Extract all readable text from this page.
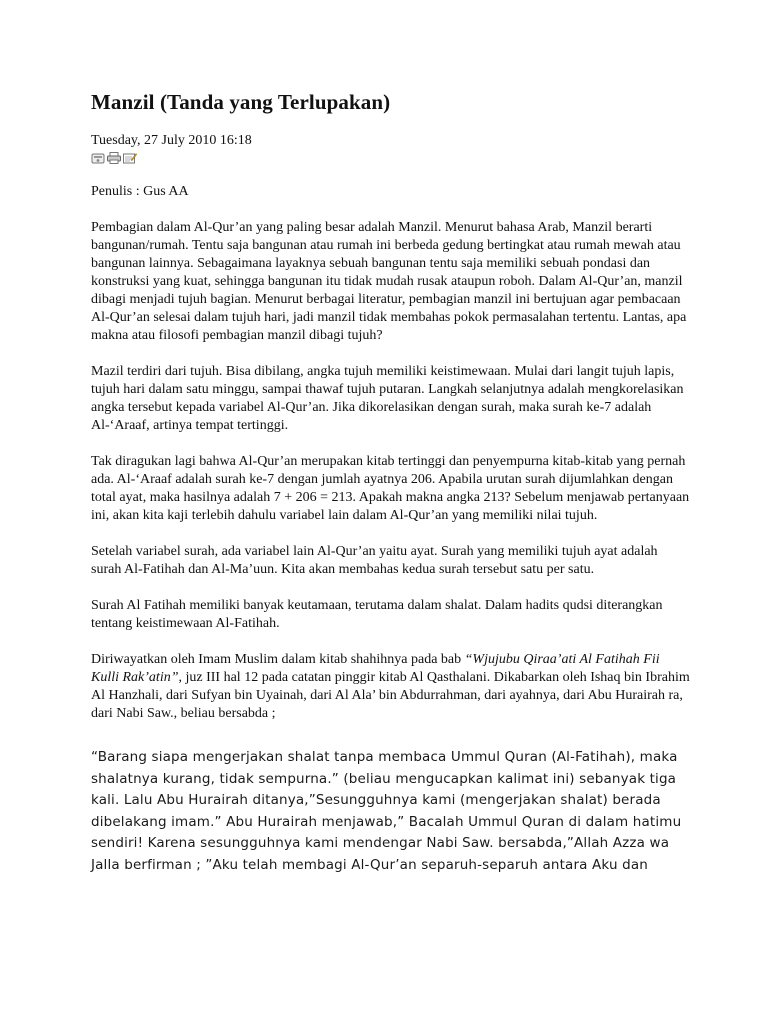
Manzil (Tanda yang Terlupakan)

Tuesday, 27 July 2010 16:18

Penulis : Gus AA

Pembagian dalam Al-Qur’an yang paling besar adalah Manzil. Menurut bahasa Arab, Manzil berarti bangunan/rumah. Tentu saja bangunan atau rumah ini berbeda gedung bertingkat atau rumah mewah atau bangunan lainnya. Sebagaimana layaknya sebuah bangunan tentu saja memiliki sebuah pondasi dan konstruksi yang kuat, sehingga bangunan itu tidak mudah rusak ataupun roboh. Dalam Al-Qur’an, manzil dibagi menjadi tujuh bagian. Menurut berbagai literatur, pembagian manzil ini bertujuan agar pembacaan Al-Qur’an selesai dalam tujuh hari, jadi manzil tidak membahas pokok permasalahan tertentu. Lantas, apa makna atau filosofi pembagian manzil dibagi tujuh?

Mazil terdiri dari tujuh. Bisa dibilang, angka tujuh memiliki keistimewaan. Mulai dari langit tujuh lapis, tujuh hari dalam satu minggu, sampai thawaf tujuh putaran. Langkah selanjutnya adalah mengkorelasikan angka tersebut kepada variabel Al-Qur’an. Jika dikorelasikan dengan surah, maka surah ke-7 adalah Al-‘Araaf, artinya tempat tertinggi.

Tak diragukan lagi bahwa Al-Qur’an merupakan kitab tertinggi dan penyempurna kitab-kitab yang pernah ada. Al-‘Araaf adalah surah ke-7 dengan jumlah ayatnya 206. Apabila urutan surah dijumlahkan dengan total ayat, maka hasilnya adalah 7 + 206 = 213. Apakah makna angka 213? Sebelum menjawab pertanyaan ini, akan kita kaji terlebih dahulu variabel lain dalam Al-Qur’an yang memiliki nilai tujuh.

Setelah variabel surah, ada variabel lain Al-Qur’an yaitu ayat. Surah yang memiliki tujuh ayat adalah surah Al-Fatihah dan Al-Ma’uun. Kita akan membahas kedua surah tersebut satu per satu.

Surah Al Fatihah memiliki banyak keutamaan, terutama dalam shalat. Dalam hadits qudsi diterangkan tentang keistimewaan Al-Fatihah.

Diriwayatkan oleh Imam Muslim dalam kitab shahihnya pada bab “Wjujubu Qiraa’ati Al Fatihah Fii Kulli Rak’atin”, juz III hal 12 pada catatan pinggir kitab Al Qasthalani. Dikabarkan oleh Ishaq bin Ibrahim Al Hanzhali, dari Sufyan bin Uyainah, dari Al Ala’ bin Abdurrahman, dari ayahnya, dari Abu Hurairah ra, dari Nabi Saw., beliau bersabda ;

“Barang siapa mengerjakan shalat tanpa membaca Ummul Quran (Al-Fatihah), maka shalatnya kurang, tidak sempurna.” (beliau mengucapkan kalimat ini) sebanyak tiga kali. Lalu Abu Hurairah ditanya,”Sesungguhnya kami (mengerjakan shalat) berada dibelakang imam.” Abu Hurairah menjawab,” Bacalah Ummul Quran di dalam hatimu sendiri! Karena sesungguhnya kami mendengar Nabi Saw. bersabda,”Allah Azza wa Jalla berfirman ; ”Aku telah membagi Al-Qur’an separuh-separuh antara Aku dan
